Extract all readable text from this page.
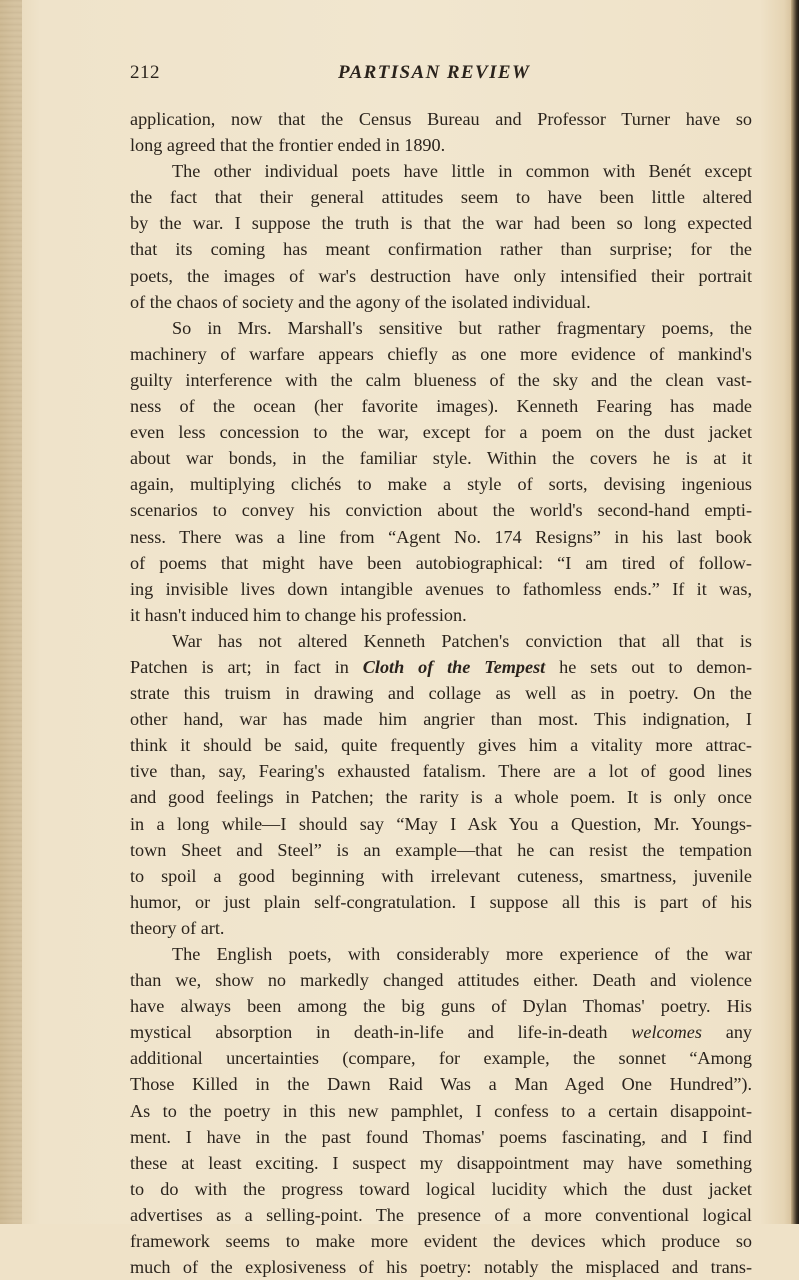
212	PARTISAN REVIEW
application, now that the Census Bureau and Professor Turner have so
long agreed that the frontier ended in 1890.
The other individual poets have little in common with Benét except
the fact that their general attitudes seem to have been little altered
by the war. I suppose the truth is that the war had been so long expected
that its coming has meant confirmation rather than surprise; for the
poets, the images of war's destruction have only intensified their portrait
of the chaos of society and the agony of the isolated individual.
So in Mrs. Marshall's sensitive but rather fragmentary poems, the
machinery of warfare appears chiefly as one more evidence of mankind's
guilty interference with the calm blueness of the sky and the clean vast-
ness of the ocean (her favorite images). Kenneth Fearing has made
even less concession to the war, except for a poem on the dust jacket
about war bonds, in the familiar style. Within the covers he is at it
again, multiplying clichés to make a style of sorts, devising ingenious
scenarios to convey his conviction about the world's second-hand empti-
ness. There was a line from “Agent No. 174 Resigns” in his last book
of poems that might have been autobiographical: “I am tired of follow-
ing invisible lives down intangible avenues to fathomless ends.” If it was,
it hasn't induced him to change his profession.
War has not altered Kenneth Patchen's conviction that all that is
Patchen is art; in fact in Cloth of the Tempest he sets out to demon-
strate this truism in drawing and collage as well as in poetry. On the
other hand, war has made him angrier than most. This indignation, I
think it should be said, quite frequently gives him a vitality more attrac-
tive than, say, Fearing's exhausted fatalism. There are a lot of good lines
and good feelings in Patchen; the rarity is a whole poem. It is only once
in a long while—I should say “May I Ask You a Question, Mr. Youngs-
town Sheet and Steel” is an example—that he can resist the tempation
to spoil a good beginning with irrelevant cuteness, smartness, juvenile
humor, or just plain self-congratulation. I suppose all this is part of his
theory of art.
The English poets, with considerably more experience of the war
than we, show no markedly changed attitudes either. Death and violence
have always been among the big guns of Dylan Thomas' poetry. His
mystical absorption in death-in-life and life-in-death welcomes any
additional uncertainties (compare, for example, the sonnet “Among
Those Killed in the Dawn Raid Was a Man Aged One Hundred”).
As to the poetry in this new pamphlet, I confess to a certain disappoint-
ment. I have in the past found Thomas' poems fascinating, and I find
these at least exciting. I suspect my disappointment may have something
to do with the progress toward logical lucidity which the dust jacket
advertises as a selling-point. The presence of a more conventional logical
framework seems to make more evident the devices which produce so
much of the explosiveness of his poetry: notably the misplaced and trans-
